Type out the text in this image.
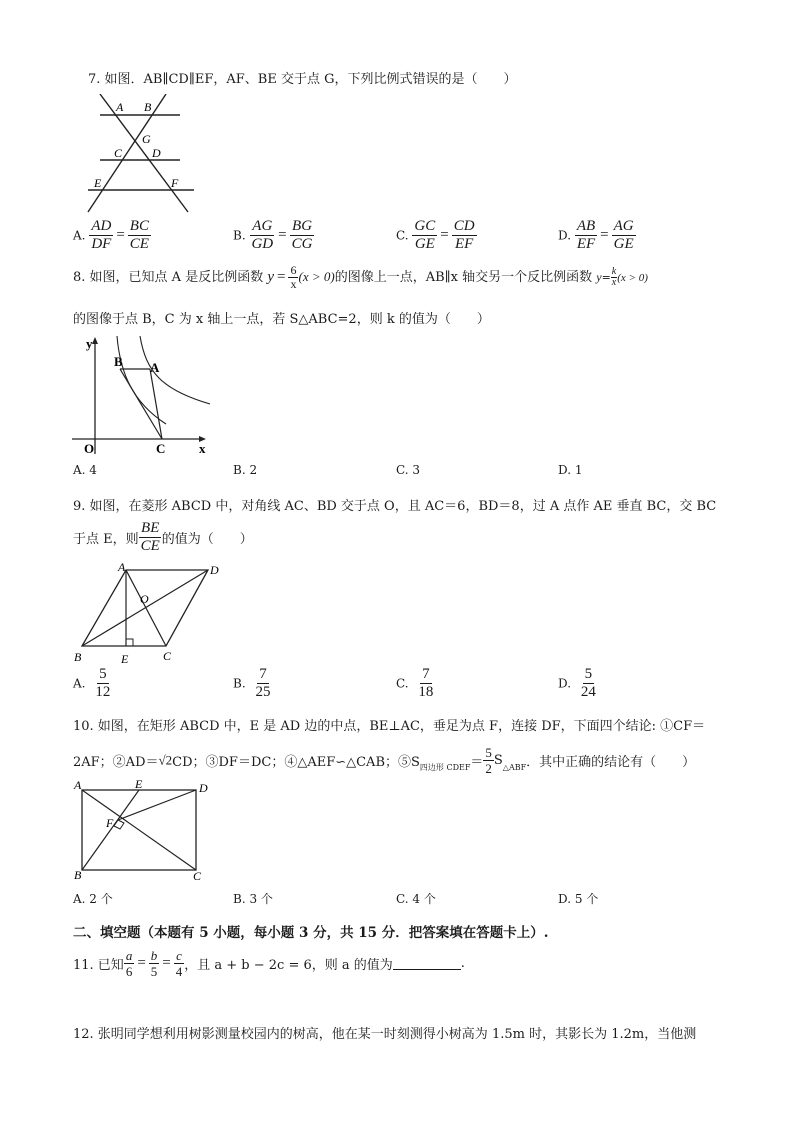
7. 如图．AB∥CD∥EF，AF、BE 交于点 G，下列比例式错误的是（　　）
A B
G
C D
E	F
A. $\frac{AD}{DF} = \frac{BC}{CE}$	B. $\frac{AG}{GD} = \frac{BG}{CG}$	C. $\frac{GC}{GE} = \frac{CD}{EF}$	D. $\frac{AB}{EF} = \frac{AG}{GE}$
8. 如图，已知点 A 是反比例函数 $y = \frac{6}{x} (x > 0)$的图像上一点，AB∥x 轴交另一个反比例函数 $y= \frac{k}{x} (x > 0)$
的图像于点 B，C 为 x 轴上一点，若 S△ABC=2，则 k 的值为（　　）
y
B A
O	C	x
A. 4	B. 2	C. 3	D. 1
9. 如图，在菱形 ABCD 中，对角线 AC、BD 交于点 O，且 AC＝6，BD＝8，过 A 点作 AE 垂直 BC，交 BC
于点 E，则 $\frac{BE}{CE}$ 的值为（　　）
A	D
O
B	E	C
A. $\frac{5}{12}$	B. $\frac{7}{25}$	C. $\frac{7}{18}$	D. $\frac{5}{24}$
10. 如图，在矩形 ABCD 中，E 是 AD 边的中点，BE⊥AC，垂足为点 F，连接 DF，下面四个结论: ①CF＝
2AF；②AD＝√2CD；③DF＝DC；④△AEF∽△CAB；$⑤S_{四边形 CDEF}= \frac{5}{2} S_{\triangle ABF}$．其中正确的结论有（　　）
A	E	D
F
B	C
A. 2 个	B. 3 个	C. 4 个	D. 5 个
二、填空题（本题有 5 小题，每小题 3 分，共 15 分．把答案填在答题卡上）.
11. 已知 $\frac{a}{6} = \frac{b}{5} = \frac{c}{4}$ ，且 a + b − 2c = 6，则 a 的值为	.
12. 张明同学想利用树影测量校园内的树高，他在某一时刻测得小树高为 1.5m 时，其影长为 1.2m，当他测
